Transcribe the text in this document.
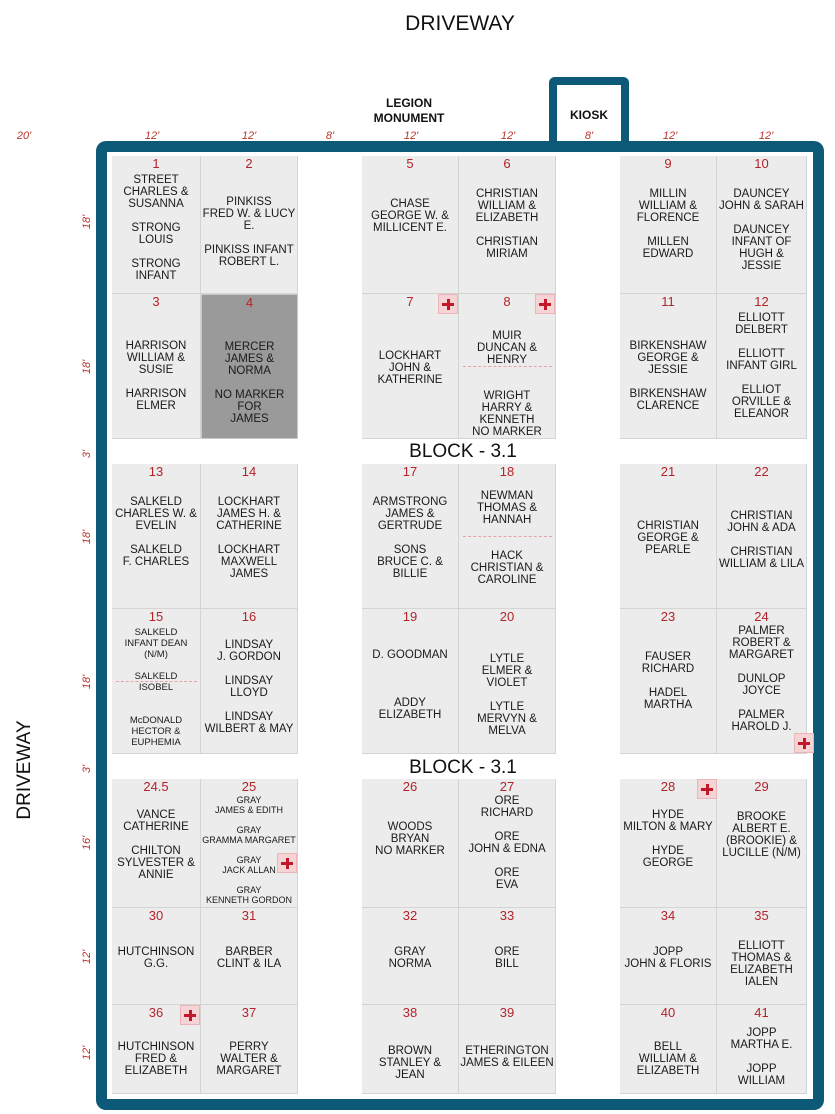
DRIVEWAY
DRIVEWAY
KIOSK
LEGION
MONUMENT
20'	12'	12'	8'	12'	12'	8'	12'	12'
18'
18'
3'
18'
18'
3'
16'
12'
12'
BLOCK - 3.1
BLOCK - 3.1
1
STREET
CHARLES &
SUSANNA

STRONG
LOUIS

STRONG
INFANT
2
PINKISS
FRED W. & LUCY E.

PINKISS INFANT
ROBERT L.
5
CHASE
GEORGE W. &
MILLICENT E.
6
CHRISTIAN
WILLIAM &
ELIZABETH

CHRISTIAN
MIRIAM
9
MILLIN
WILLIAM &
FLORENCE

MILLEN
EDWARD
10
DAUNCEY
JOHN & SARAH

DAUNCEY
INFANT OF
HUGH & JESSIE
3
HARRISON
WILLIAM & SUSIE

HARRISON
ELMER
4
MERCER
JAMES & NORMA

NO MARKER FOR
JAMES
7
LOCKHART
JOHN &
KATHERINE
8
MUIR
DUNCAN & HENRY

WRIGHT
HARRY &
KENNETH
NO MARKER
11
BIRKENSHAW
GEORGE & JESSIE

BIRKENSHAW
CLARENCE
12
ELLIOTT
DELBERT

ELLIOTT
INFANT GIRL

ELLIOT
ORVILLE &
ELEANOR
13
SALKELD
CHARLES W. &
EVELIN

SALKELD
F. CHARLES
14
LOCKHART
JAMES H. &
CATHERINE

LOCKHART
MAXWELL JAMES
17
ARMSTRONG
JAMES &
GERTRUDE

SONS
BRUCE C. &
BILLIE
18
NEWMAN
THOMAS &
HANNAH

HACK
CHRISTIAN &
CAROLINE
21
CHRISTIAN
GEORGE &
PEARLE
22
CHRISTIAN
JOHN & ADA

CHRISTIAN
WILLIAM & LILA
15
SALKELD
INFANT DEAN (N/M)

SALKELD
ISOBEL

McDONALD
HECTOR &
EUPHEMIA
16
LINDSAY
J. GORDON

LINDSAY
LLOYD

LINDSAY
WILBERT & MAY
19
D. GOODMAN

ADDY
ELIZABETH
20
LYTLE
ELMER & VIOLET

LYTLE
MERVYN & MELVA
23
FAUSER
RICHARD

HADEL
MARTHA
24
PALMER
ROBERT &
MARGARET

DUNLOP
JOYCE

PALMER
HAROLD J.
24.5
VANCE
CATHERINE

CHILTON
SYLVESTER &
ANNIE
25
GRAY
JAMES & EDITH

GRAY
GRAMMA MARGARET

GRAY
JACK ALLAN

GRAY
KENNETH GORDON
26
WOODS
BRYAN
NO MARKER
27
ORE
RICHARD

ORE
JOHN & EDNA

ORE
EVA
28
HYDE
MILTON & MARY

HYDE
GEORGE
29
BROOKE
ALBERT E.
(BROOKIE) &
LUCILLE (N/M)
30
HUTCHINSON
G.G.
31
BARBER
CLINT & ILA
32
GRAY
NORMA
33
ORE
BILL
34
JOPP
JOHN & FLORIS
35
ELLIOTT
THOMAS &
ELIZABETH IALEN
36
HUTCHINSON
FRED &
ELIZABETH
37
PERRY
WALTER &
MARGARET
38
BROWN
STANLEY & JEAN
39
ETHERINGTON
JAMES & EILEEN
40
BELL
WILLIAM &
ELIZABETH
41
JOPP
MARTHA E.

JOPP
WILLIAM
